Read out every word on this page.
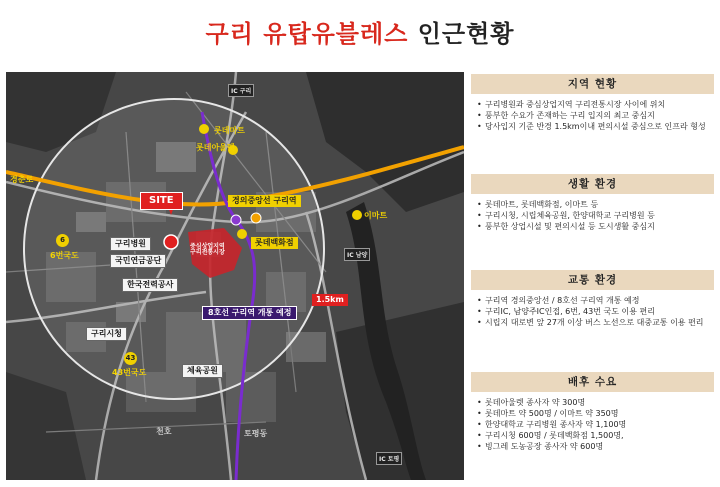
구리 유탑유블레스 인근현황
경춘로
IC 구리
IC 남양
IC 토평
롯데마트
롯데아울렛
이마트
경의중앙선 구리역
롯데백화점
SITE
구리병원
국민연금공단
한국전력공사
구리시청
체육공원
중심상업지역
구리전통시장
8호선 구리역 개통 예정
1.5km
6
6번국도
43
43번국도
천호	토평동
지역 현황
• 구리병원과 중심상업지역 구리전통시장 사이에 위치
• 풍부한 수요가 존재하는 구리 입지의 최고 중심지
• 당사입지 기준 반경 1.5km이내 편의시설 중심으로 인프라 형성
생활 환경
• 롯데마트, 롯데백화점, 이마트 등
• 구리시청, 시립체육공원, 한양대학교 구리병원 등
• 풍부한 상업시설 및 편의시설 등 도시생활 중심지
교통 환경
• 구리역 경의중앙선 / 8호선 구리역 개통 예정
• 구리IC, 남양주IC인접, 6번, 43번 국도 이용 편리
• 시립지 대로변 앞 27개 이상 버스 노선으로 대중교통 이용 편리
배후 수요
• 롯데아울렛 종사자 약 300명
• 롯데마트 약 500명 / 이마트 약 350명
• 한양대학교 구리병원 종사자 약 1,100명
• 구리시청 600명 / 롯데백화점 1,500명,
• 빙그레 도농공장 종사자 약 600명
